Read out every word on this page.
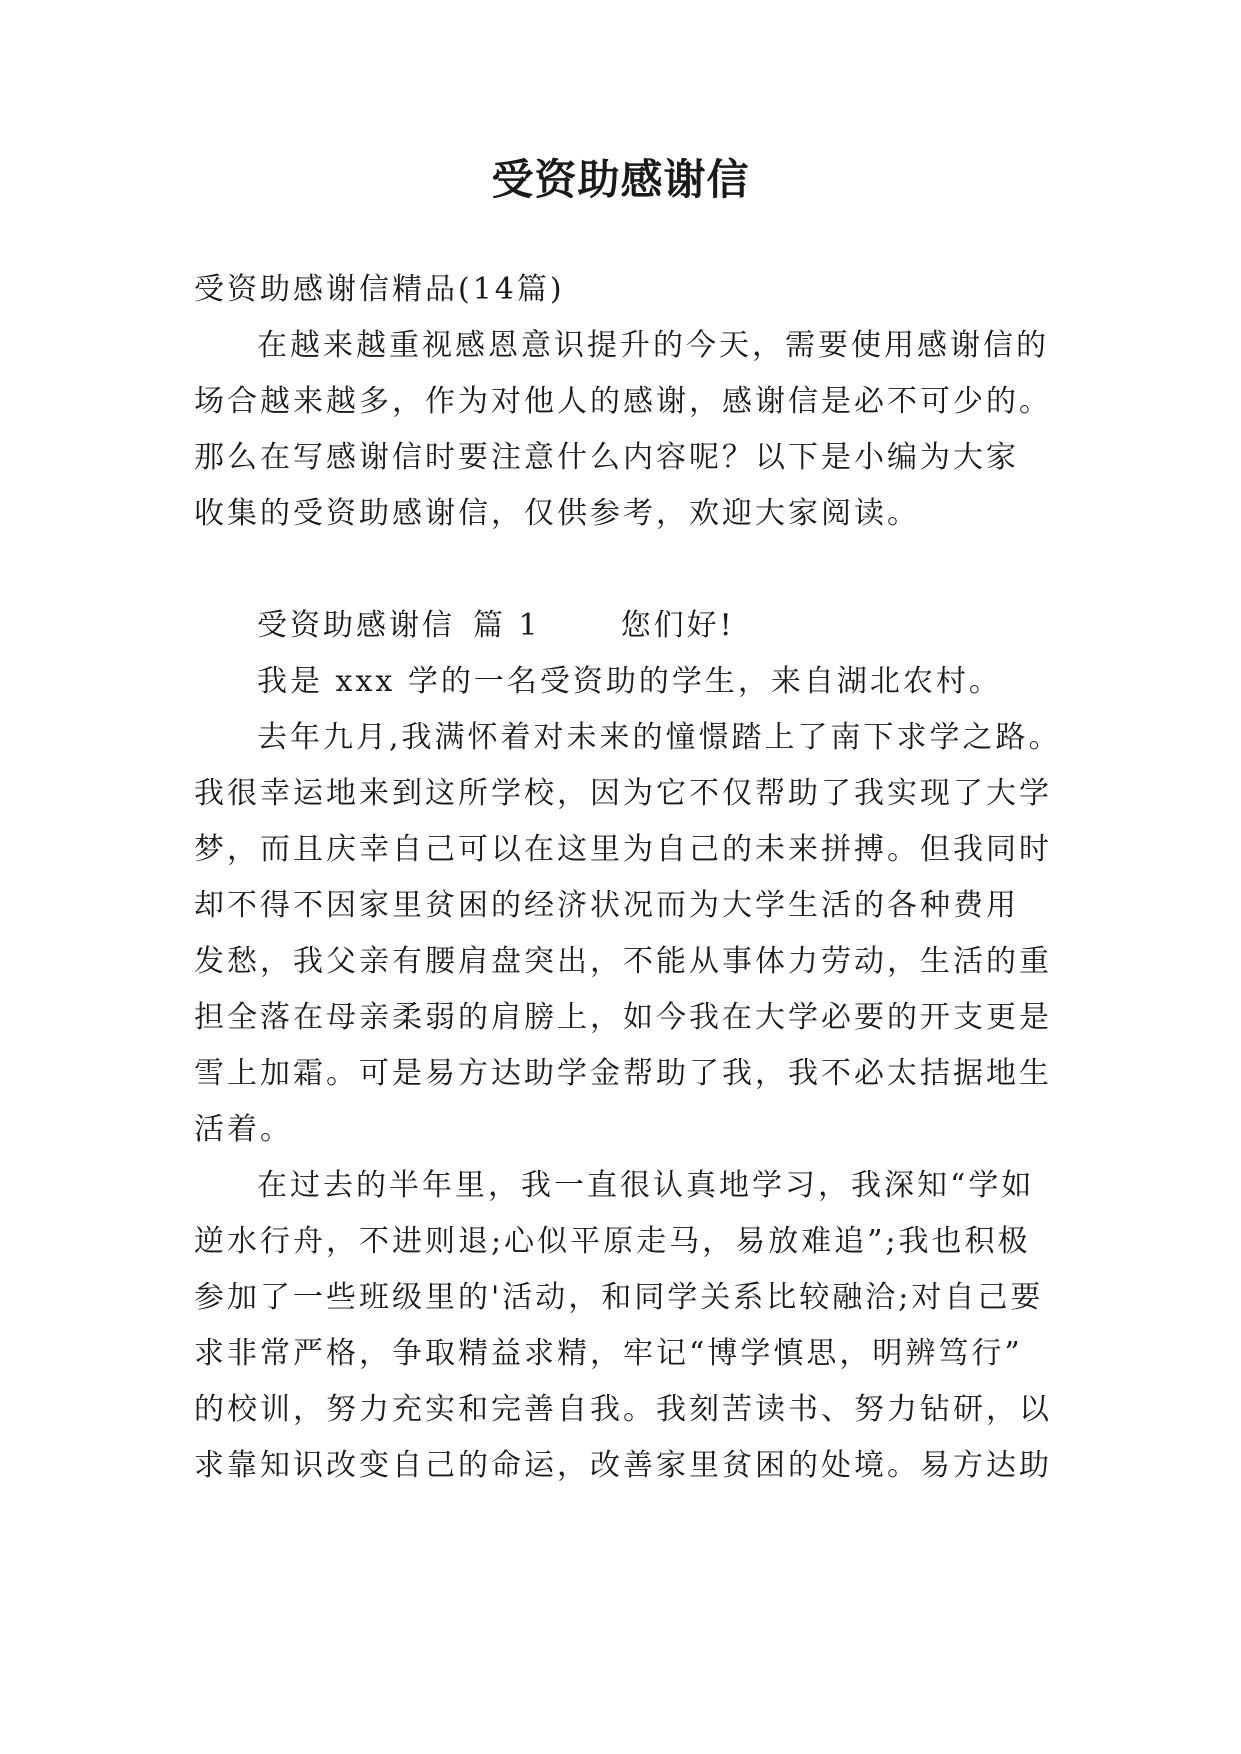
受资助感谢信
受资助感谢信精品(14篇)
在越来越重视感恩意识提升的今天，需要使用感谢信的
场合越来越多，作为对他人的感谢，感谢信是必不可少的。
那么在写感谢信时要注意什么内容呢？以下是小编为大家
收集的受资助感谢信，仅供参考，欢迎大家阅读。
受资助感谢信 篇 1	您们好!
我是 xxx 学的一名受资助的学生，来自湖北农村。
去年九月,我满怀着对未来的憧憬踏上了南下求学之路。
我很幸运地来到这所学校，因为它不仅帮助了我实现了大学
梦，而且庆幸自己可以在这里为自己的未来拼搏。但我同时
却不得不因家里贫困的经济状况而为大学生活的各种费用
发愁，我父亲有腰肩盘突出，不能从事体力劳动，生活的重
担全落在母亲柔弱的肩膀上，如今我在大学必要的开支更是
雪上加霜。可是易方达助学金帮助了我，我不必太拮据地生
活着。
在过去的半年里，我一直很认真地学习，我深知“学如
逆水行舟，不进则退;心似平原走马，易放难追”;我也积极
参加了一些班级里的'活动，和同学关系比较融洽;对自己要
求非常严格，争取精益求精，牢记“博学慎思，明辨笃行”
的校训，努力充实和完善自我。我刻苦读书、努力钻研，以
求靠知识改变自己的命运，改善家里贫困的处境。易方达助
